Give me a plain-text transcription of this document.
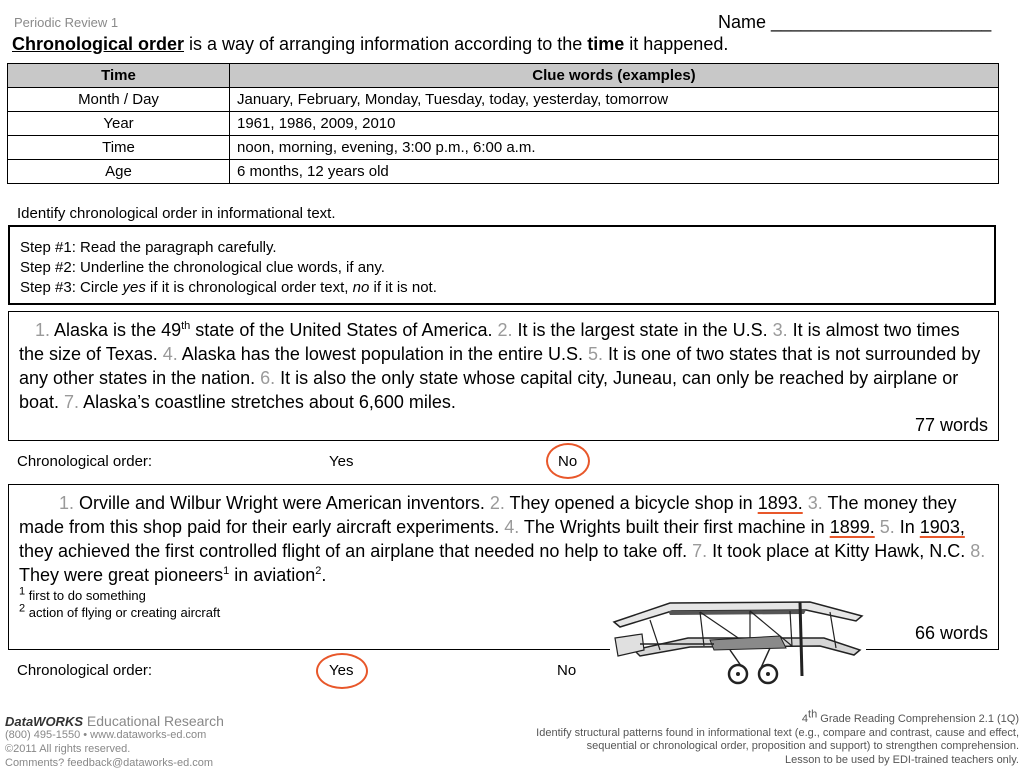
Periodic Review 1	Name ______________________
Chronological order is a way of arranging information according to the time it happened.
Time	Clue words (examples)
Month / Day	January, February, Monday, Tuesday, today, yesterday, tomorrow
Year	1961, 1986, 2009, 2010
Time	noon, morning, evening, 3:00 p.m., 6:00 a.m.
Age	6 months, 12 years old
Identify chronological order in informational text.
Step #1: Read the paragraph carefully.
Step #2: Underline the chronological clue words, if any.
Step #3: Circle yes if it is chronological order text, no if it is not.
1. Alaska is the 49th state of the United States of America. 2. It is the largest state in the U.S. 3. It is almost two times the size of Texas. 4. Alaska has the lowest population in the entire U.S. 5. It is one of two states that is not surrounded by any other states in the nation. 6. It is also the only state whose capital city, Juneau, can only be reached by airplane or boat. 7. Alaska’s coastline stretches about 6,600 miles.
77 words
Chronological order:	Yes	No
1. Orville and Wilbur Wright were American inventors. 2. They opened a bicycle shop in 1893. 3. The money they made from this shop paid for their early aircraft experiments. 4. The Wrights built their first machine in 1899. 5. In 1903, they achieved the first controlled flight of an airplane that needed no help to take off. 7. It took place at Kitty Hawk, N.C. 8. They were great pioneers$^1$ in aviation$^2$.
$^1$ first to do something
$^2$ action of flying or creating aircraft
66 words
Chronological order:	Yes	No
DataWORKS Educational Research
(800) 495-1550 • www.dataworks-ed.com
©2011 All rights reserved.
Comments? feedback@dataworks-ed.com
4th Grade Reading Comprehension 2.1 (1Q)
Identify structural patterns found in informational text (e.g., compare and contrast, cause and effect,
sequential or chronological order, proposition and support) to strengthen comprehension.
Lesson to be used by EDI-trained teachers only.
